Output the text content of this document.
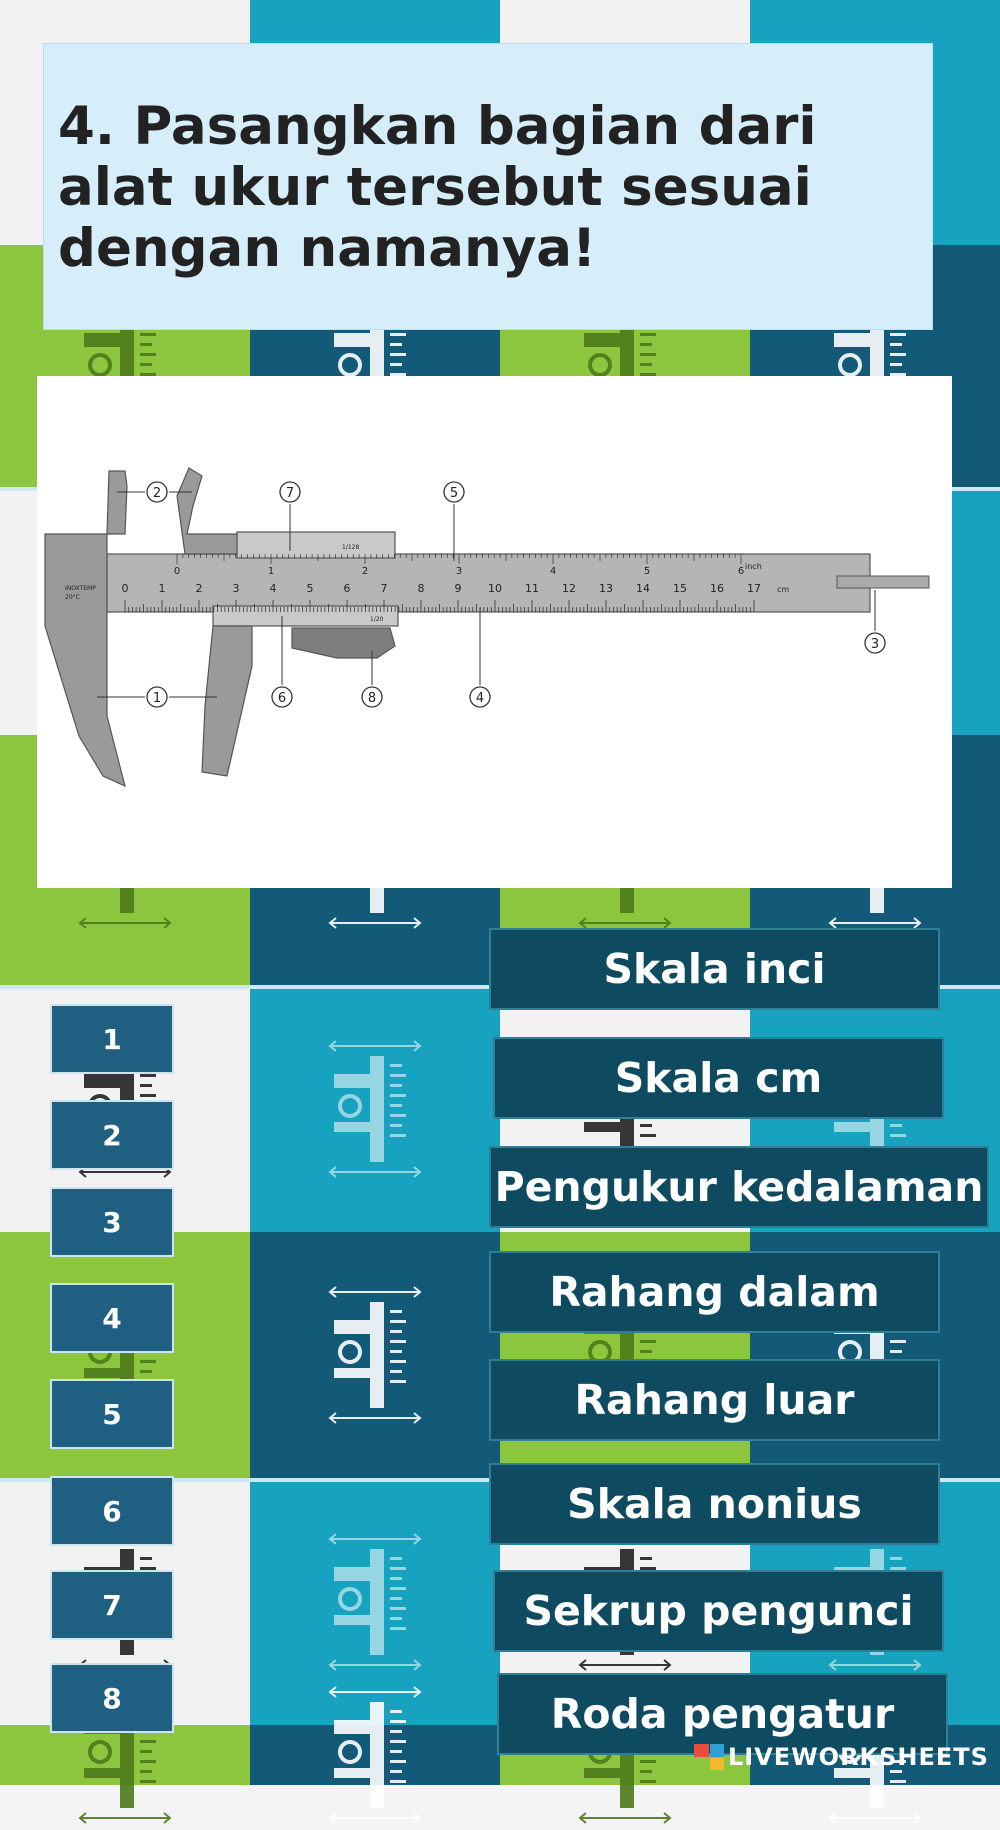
4. Pasangkan bagian dari alat ukur tersebut sesuai dengan namanya!
0	1	2	3	4	5	6	7	8	9 10 11 12 13 14 15 16 17 cm
0	1	2	3	4	5	6 inch
1/128
1/20
INOXTEMP
20°C
1
2
3
4
5
6
7
8
1
2
3
4
5
6
7
8
Skala inci
Skala cm
Pengukur kedalaman
Rahang dalam
Rahang luar
Skala nonius
Sekrup pengunci
Roda pengatur
LIVEWORKSHEETS
